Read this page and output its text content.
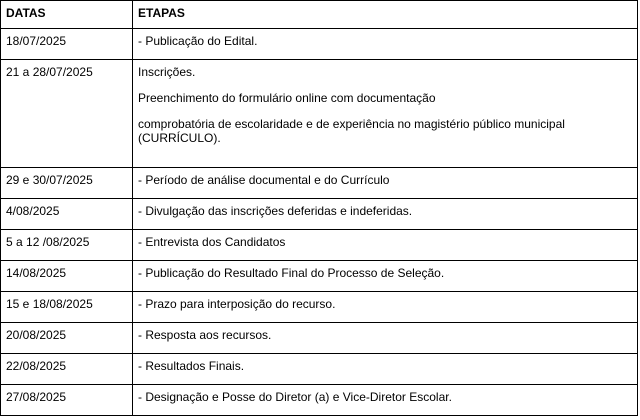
DATAS	ETAPAS
18/07/2025	- Publicação do Edital.

21 a 28/07/2025	Inscrições.
Preenchimento do formulário online com documentação
comprobatória de escolaridade e de experiência no magistério público municipal (CURRÍCULO).

29 e 30/07/2025	- Período de análise documental e do Currículo

4/08/2025	- Divulgação das inscrições deferidas e indeferidas.

5 a 12 /08/2025	- Entrevista dos Candidatos

14/08/2025	- Publicação do Resultado Final do Processo de Seleção.

15 e 18/08/2025	- Prazo para interposição do recurso.

20/08/2025	- Resposta aos recursos.

22/08/2025	- Resultados Finais.

27/08/2025	- Designação e Posse do Diretor (a) e Vice-Diretor Escolar.
